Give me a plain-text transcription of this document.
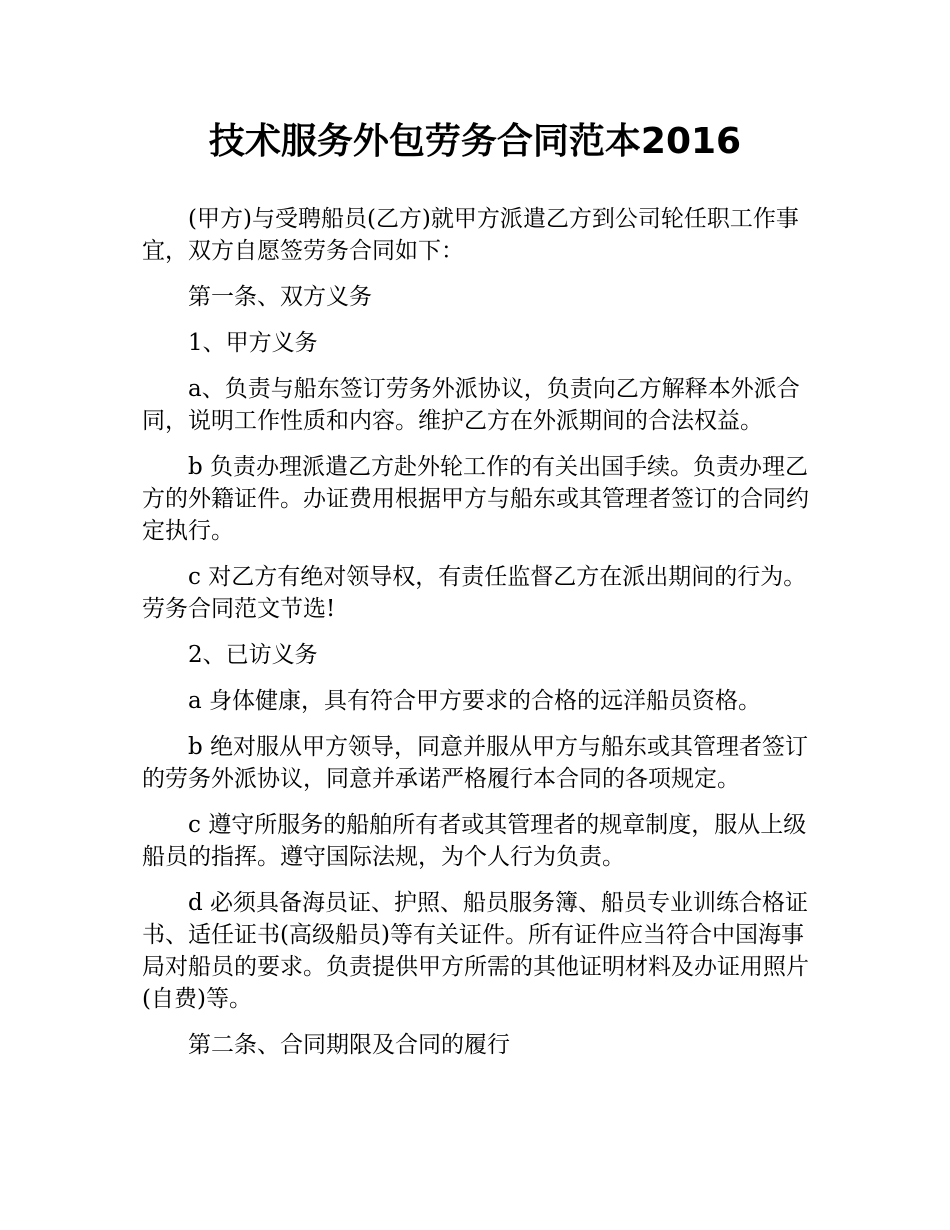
技术服务外包劳务合同范本2016

(甲方)与受聘船员(乙方)就甲方派遣乙方到公司轮任职工作事宜，双方自愿签劳务合同如下：

第一条、双方义务

1、甲方义务

a、负责与船东签订劳务外派协议，负责向乙方解释本外派合同，说明工作性质和内容。维护乙方在外派期间的合法权益。

b 负责办理派遣乙方赴外轮工作的有关出国手续。负责办理乙方的外籍证件。办证费用根据甲方与船东或其管理者签订的合同约定执行。

c 对乙方有绝对领导权，有责任监督乙方在派出期间的行为。劳务合同范文节选!

2、已访义务

a 身体健康，具有符合甲方要求的合格的远洋船员资格。

b 绝对服从甲方领导，同意并服从甲方与船东或其管理者签订的劳务外派协议，同意并承诺严格履行本合同的各项规定。

c 遵守所服务的船舶所有者或其管理者的规章制度，服从上级船员的指挥。遵守国际法规，为个人行为负责。

d 必须具备海员证、护照、船员服务簿、船员专业训练合格证书、适任证书(高级船员)等有关证件。所有证件应当符合中国海事局对船员的要求。负责提供甲方所需的其他证明材料及办证用照片(自费)等。

第二条、合同期限及合同的履行
